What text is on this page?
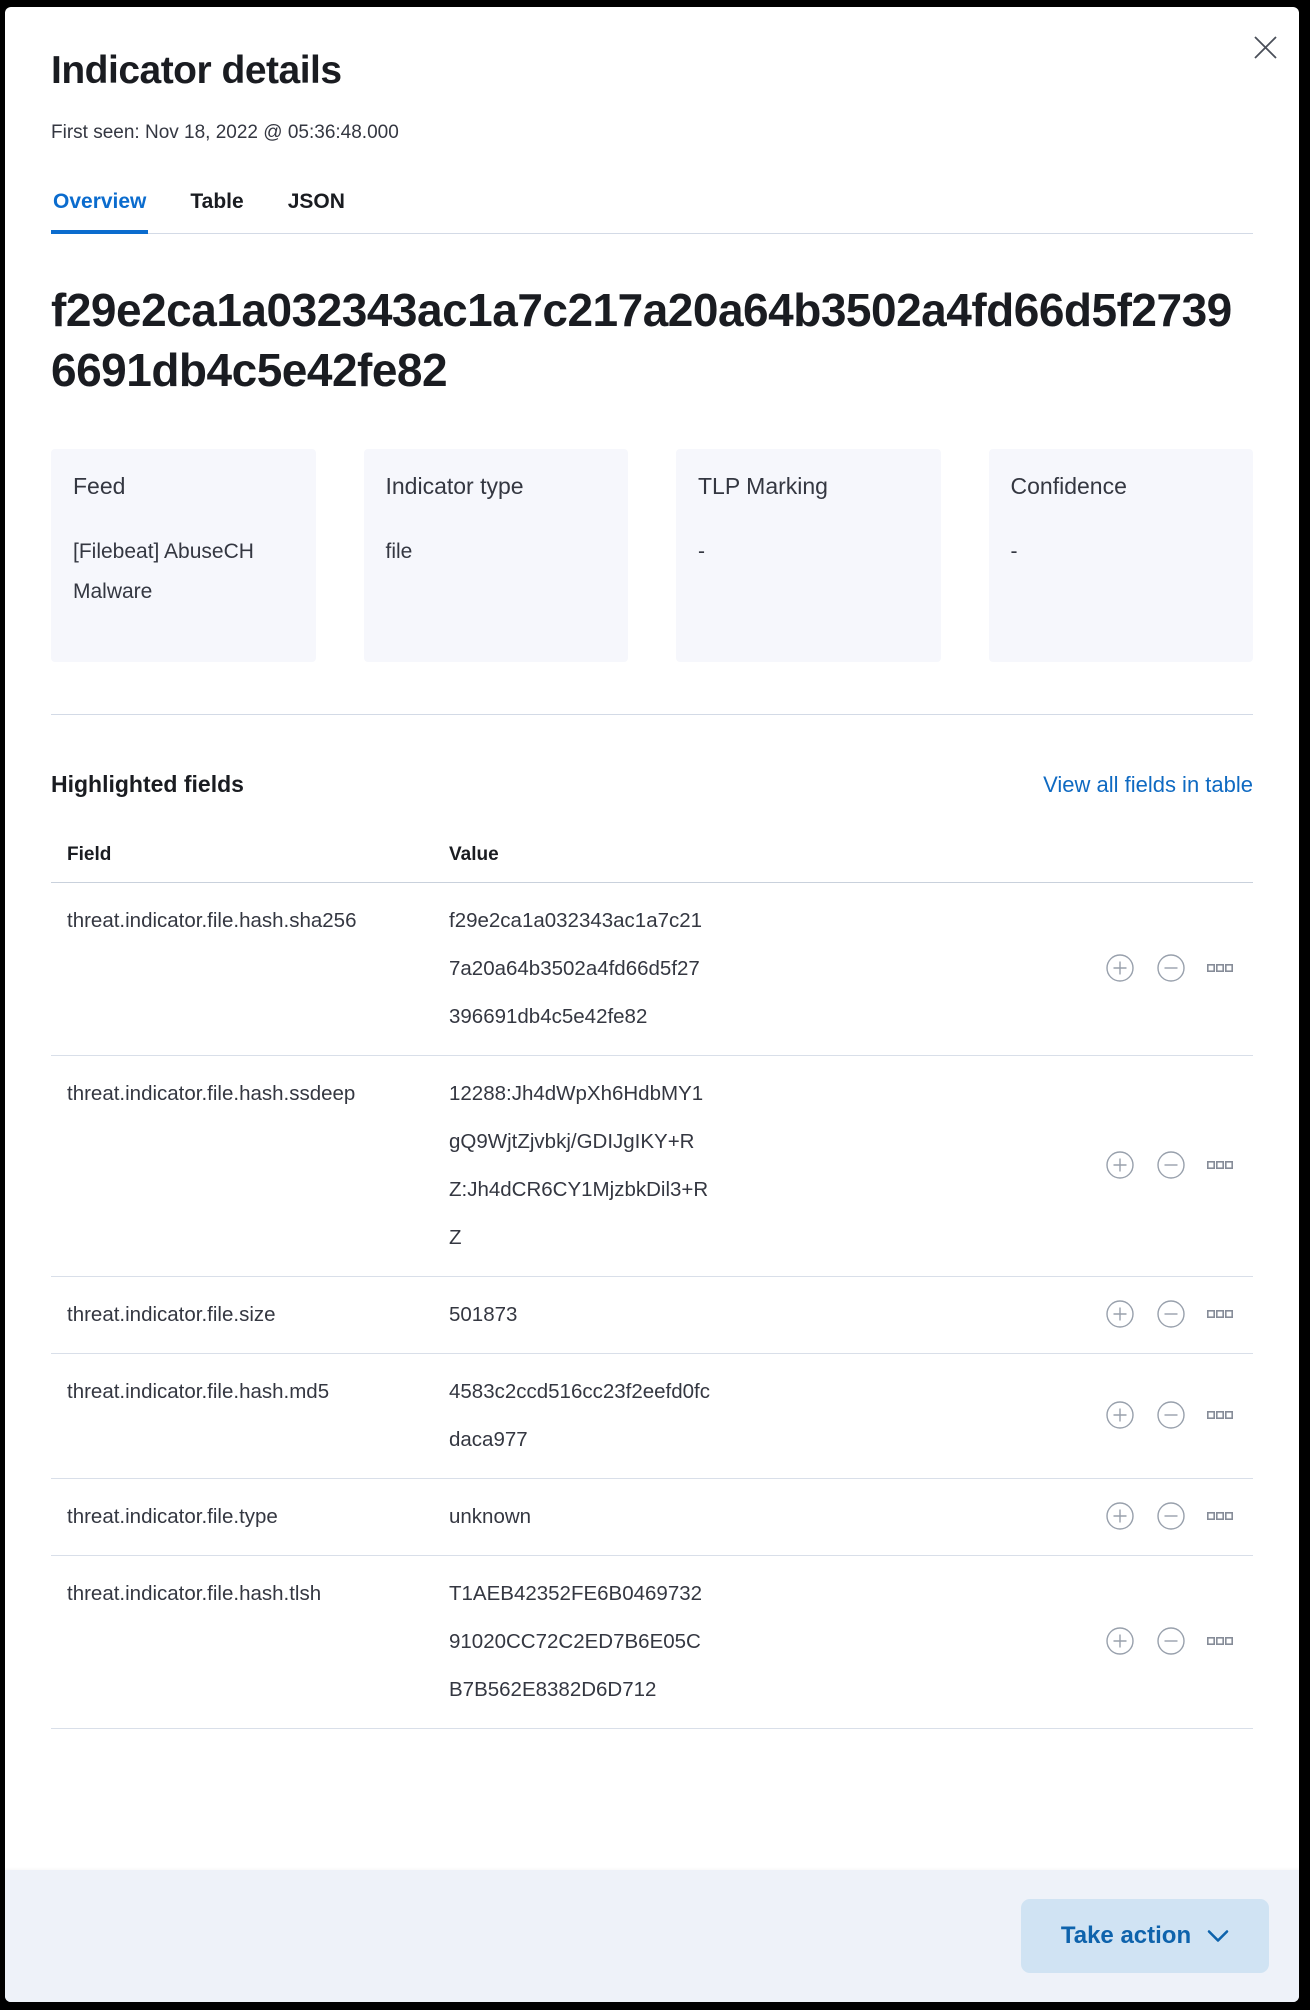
Indicator details
First seen: Nov 18, 2022 @ 05:36:48.000
Overview Table JSON
f29e2ca1a032343ac1a7c217a20a64b3502a4fd66d5f27396691db4c5e42fe82
Feed
[Filebeat] AbuseCH Malware
Indicator type
file
TLP Marking
-
Confidence
-
Highlighted fields	View all fields in table
Field	Value
threat.indicator.file.hash.sha256	f29e2ca1a032343ac1a7c217a20a64b3502a4fd66d5f27396691db4c5e42fe82
threat.indicator.file.hash.ssdeep	12288:Jh4dWpXh6HdbMY1gQ9WjtZjvbkj/GDIJgIKY+RZ:Jh4dCR6CY1MjzbkDil3+RZ
threat.indicator.file.size	501873
threat.indicator.file.hash.md5	4583c2ccd516cc23f2eefd0fcdaca977
threat.indicator.file.type	unknown
threat.indicator.file.hash.tlsh	T1AEB42352FE6B046973291020CC72C2ED7B6E05CB7B562E8382D6D712
Take action
